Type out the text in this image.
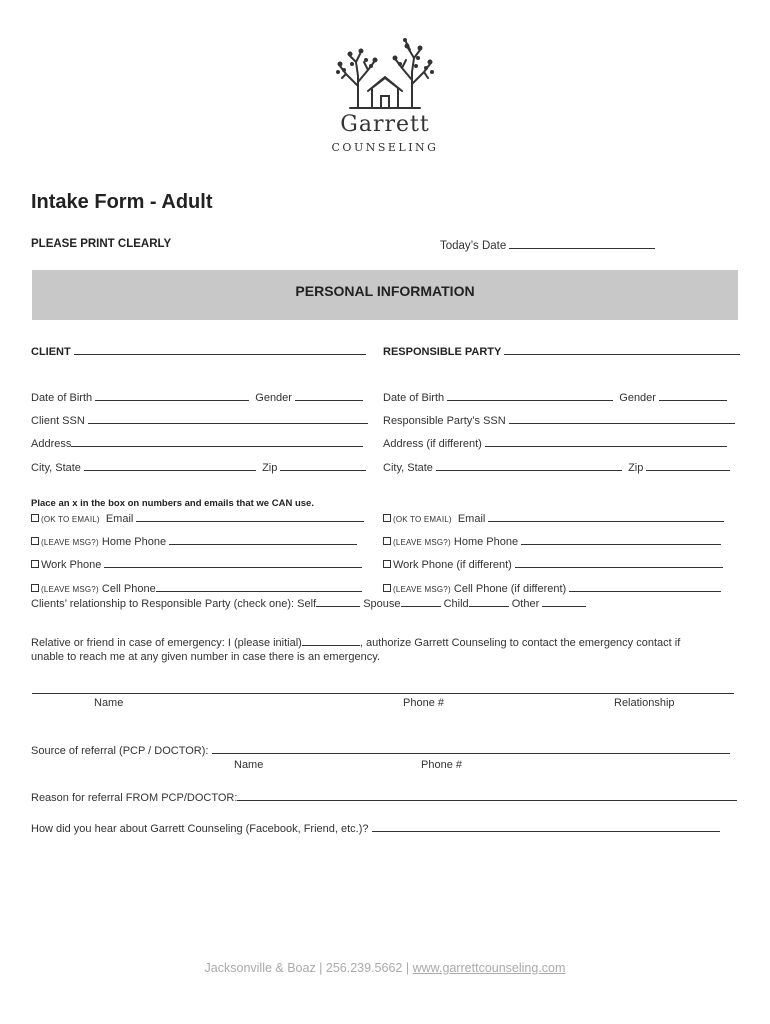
Garrett
COUNSELING
Intake Form - Adult
PLEASE PRINT CLEARLY	Today’s Date
PERSONAL INFORMATION
CLIENT	RESPONSIBLE PARTY
Date of Birth	Gender	Date of Birth	Gender
Client SSN	Responsible Party’s SSN
Address	Address (if different)
City, State	Zip	City, State	Zip
Place an x in the box on numbers and emails that we CAN use.
(OK TO EMAIL) Email	(OK TO EMAIL) Email
(LEAVE MSG?) Home Phone	(LEAVE MSG?) Home Phone
Work Phone	Work Phone (if different)
(LEAVE MSG?) Cell Phone	(LEAVE MSG?) Cell Phone (if different)
Clients’ relationship to Responsible Party (check one): Self	Spouse	Child	Other
Relative or friend in case of emergency: I (please initial)	, authorize Garrett Counseling to contact the emergency contact if
unable to reach me at any given number in case there is an emergency.
Name	Phone #	Relationship
Source of referral (PCP / DOCTOR):
Name	Phone #
Reason for referral FROM PCP/DOCTOR:
How did you hear about Garrett Counseling (Facebook, Friend, etc.)?
Jacksonville & Boaz | 256.239.5662 | www.garrettcounseling.com
